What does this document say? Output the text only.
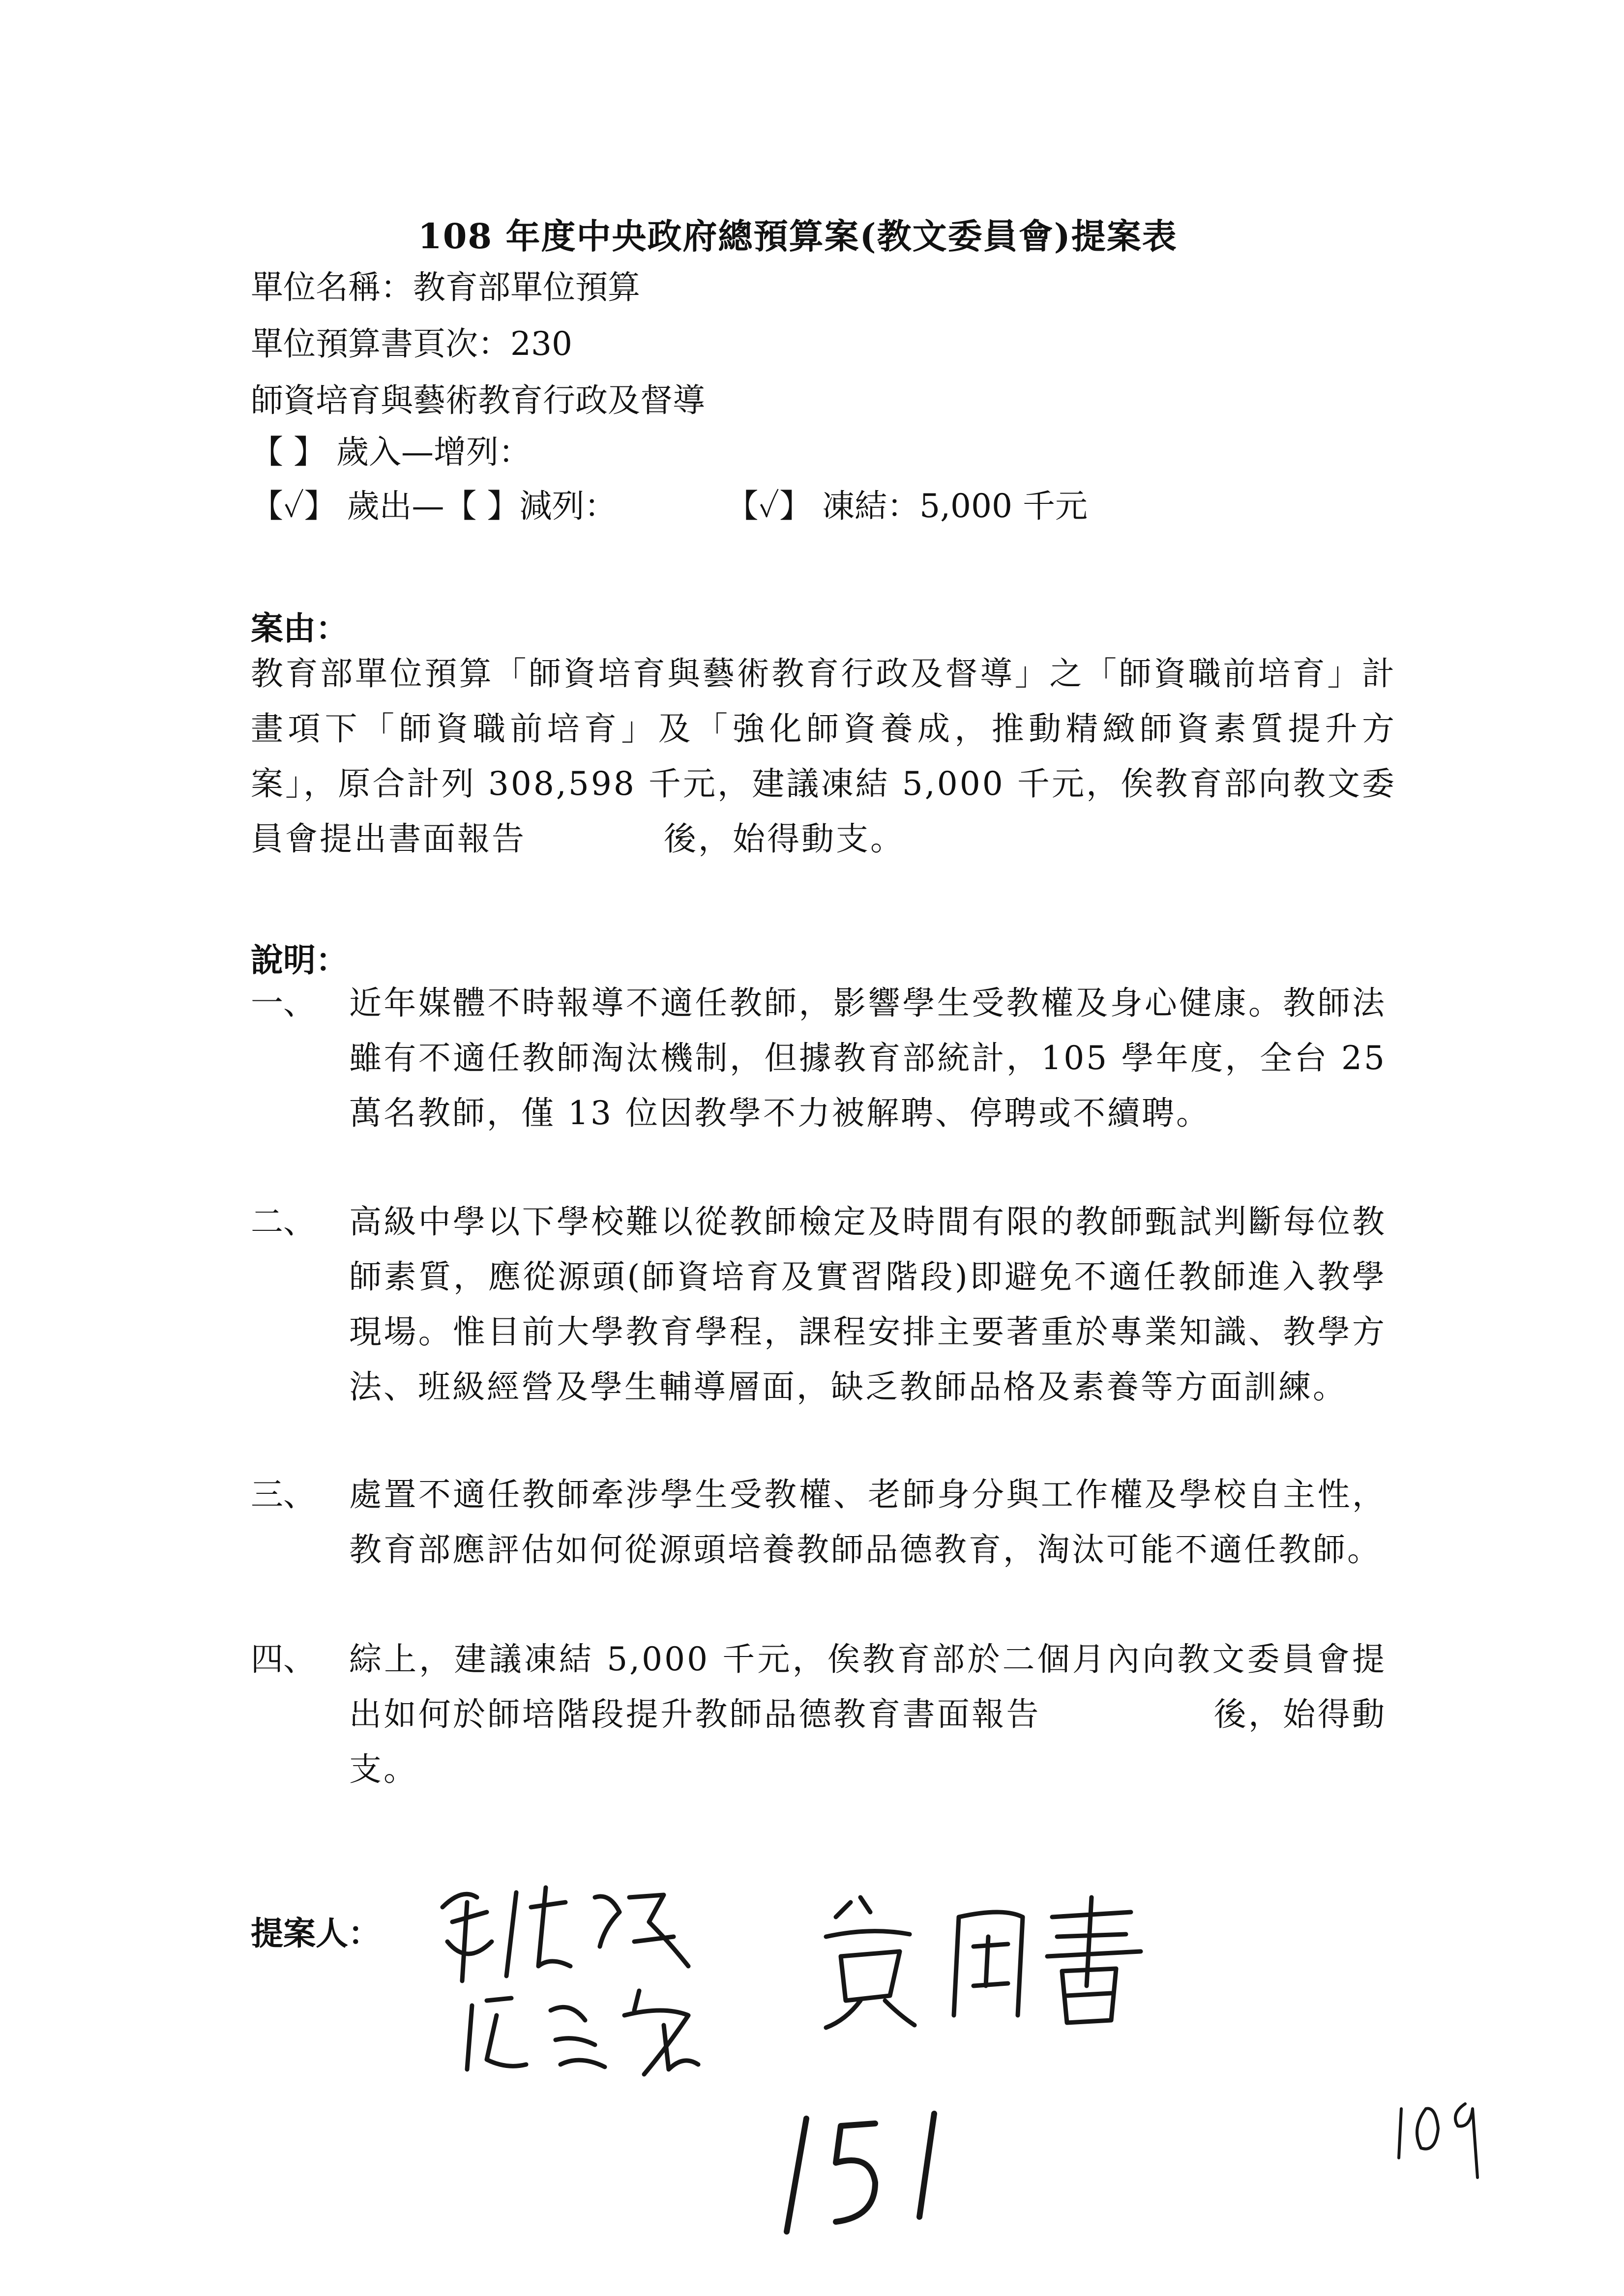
108 年度中央政府總預算案(教文委員會)提案表
單位名稱：教育部單位預算
單位預算書頁次：230
師資培育與藝術教育行政及督導
【 】 歲入—增列：
【✓】 歲出—【 】減列：	【✓】 凍結：5,000 千元
案由：
教育部單位預算「師資培育與藝術教育行政及督導」之「師資職前培育」計畫項下「師資職前培育」及「強化師資養成，推動精緻師資素質提升方案」，原合計列 308,598 千元，建議凍結 5,000 千元，俟教育部向教文委員會提出書面報告　　　　後，始得動支。
說明：
一、 近年媒體不時報導不適任教師，影響學生受教權及身心健康。教師法雖有不適任教師淘汰機制，但據教育部統計，105 學年度，全台 25 萬名教師，僅 13 位因教學不力被解聘、停聘或不續聘。
二、 高級中學以下學校難以從教師檢定及時間有限的教師甄試判斷每位教師素質，應從源頭(師資培育及實習階段)即避免不適任教師進入教學現場。惟目前大學教育學程，課程安排主要著重於專業知識、教學方法、班級經營及學生輔導層面，缺乏教師品格及素養等方面訓練。
三、 處置不適任教師牽涉學生受教權、老師身分與工作權及學校自主性，教育部應評估如何從源頭培養教師品德教育，淘汰可能不適任教師。
四、 綜上，建議凍結 5,000 千元，俟教育部於二個月內向教文委員會提出如何於師培階段提升教師品德教育書面報告　　　　　後，始得動支。
提案人：
